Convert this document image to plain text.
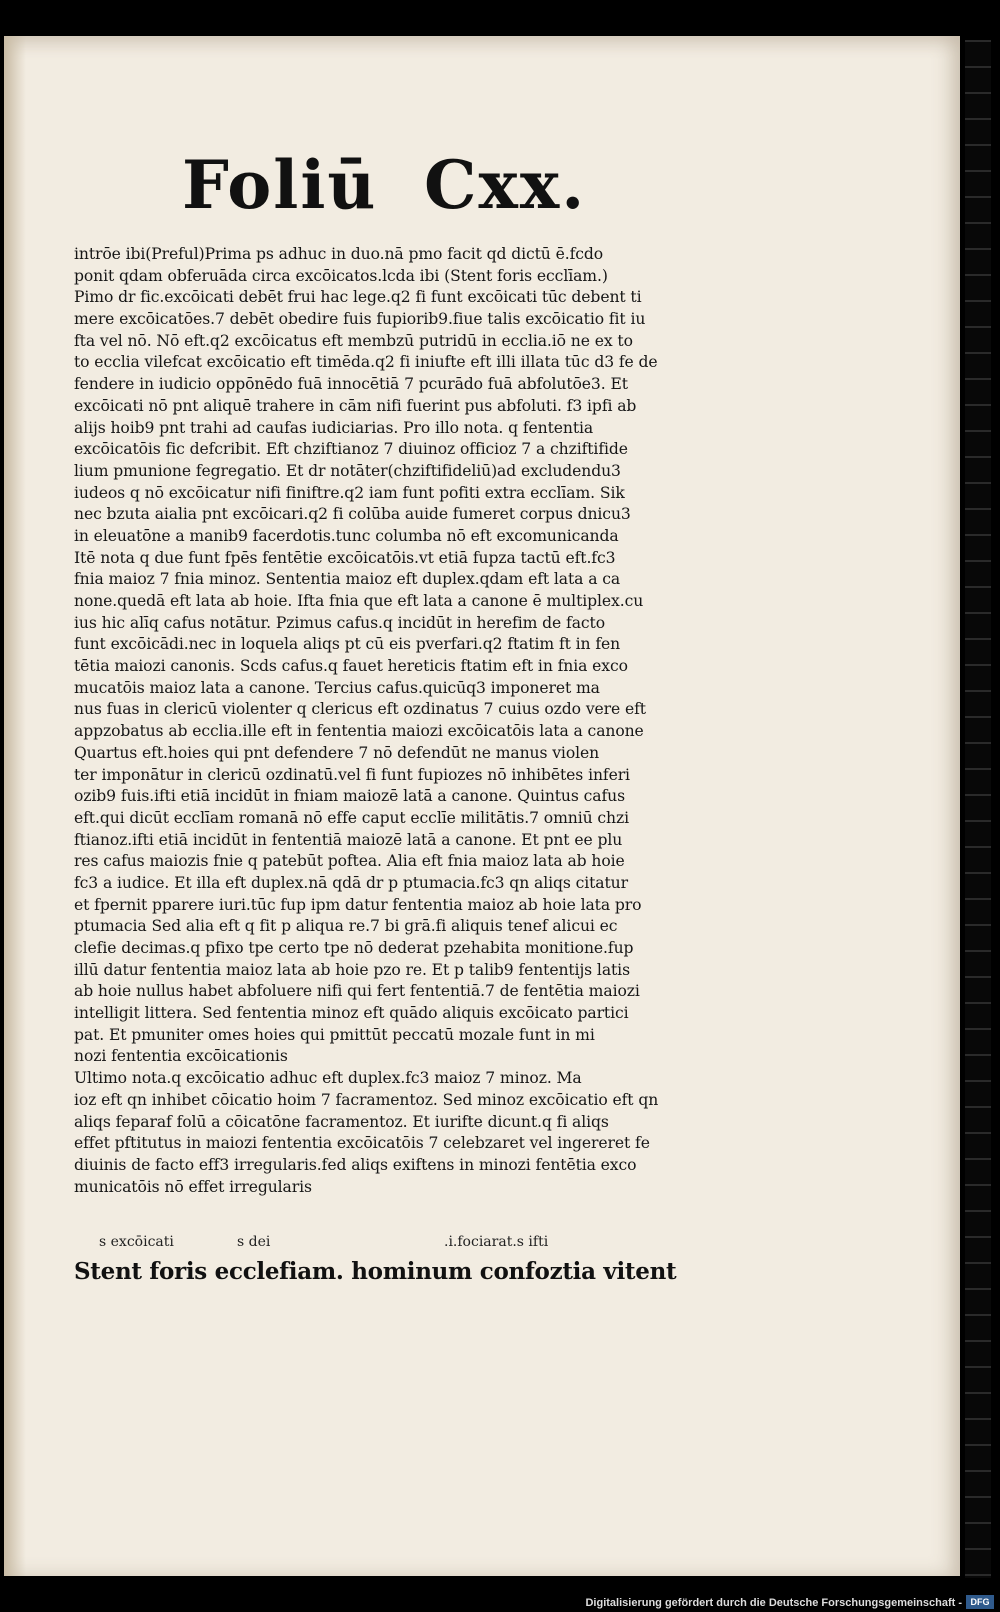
Foliū Cxx.
intrōe ibi(Preful)Prima ps adhuc in duo.nā pmo facit qd dictū ē.fcdo
ponit qdam obferuāda circa excōicatos.lcda ibi (Stent foris ecclīam.)
Pimo dr fic.excōicati debēt frui hac lege.q2 fi funt excōicati tūc debent ti
mere excōicatōes.7 debēt obedire fuis fupiorib9.fiue talis excōicatio fit iu
fta vel nō. Nō eft.q2 excōicatus eft membzū putridū in ecclia.iō ne ex to
to ecclia vilefcat excōicatio eft timēda.q2 fi iniufte eft illi illata tūc d3 fe de
fendere in iudicio oppōnēdo fuā innocētiā 7 pcurādo fuā abfolutōe3. Et
excōicati nō pnt aliquē trahere in cām nifi fuerint pus abfoluti. f3 ipfi ab
alijs hoib9 pnt trahi ad caufas iudiciarias. Pro illo nota. q fententia
excōicatōis fic defcribit. Eft chziftianoz 7 diuinoz officioz 7 a chziftifide
lium pmunione fegregatio. Et dr notāter(chziftifideliū)ad excludendu3
iudeos q nō excōicatur nifi finiftre.q2 iam funt pofiti extra ecclīam. Sik
nec bzuta aialia pnt excōicari.q2 fi colūba auide fumeret corpus dnicu3
in eleuatōne a manib9 facerdotis.tunc columba nō eft excomunicanda
Itē nota q due funt fpēs fentētie excōicatōis.vt etiā fupza tactū eft.fc3
fnia maioz 7 fnia minoz. Sententia maioz eft duplex.qdam eft lata a ca
none.quedā eft lata ab hoie. Ifta fnia que eft lata a canone ē multiplex.cu
ius hic alīq cafus notātur. Pzimus cafus.q incidūt in herefim de facto
funt excōicādi.nec in loquela aliqs pt cū eis pverfari.q2 ftatim ft in fen
tētia maiozi canonis. Scds cafus.q fauet hereticis ftatim eft in fnia exco
mucatōis maioz lata a canone. Tercius cafus.quicūq3 imponeret ma
nus fuas in clericū violenter q clericus eft ozdinatus 7 cuius ozdo vere eft
appzobatus ab ecclia.ille eft in fententia maiozi excōicatōis lata a canone
Quartus eft.hoies qui pnt defendere 7 nō defendūt ne manus violen
ter imponātur in clericū ozdinatū.vel fi funt fupiozes nō inhibētes inferi
ozib9 fuis.ifti etiā incidūt in fniam maiozē latā a canone. Quintus cafus
eft.qui dicūt ecclīam romanā nō effe caput ecclīe militātis.7 omniū chzi
ftianoz.ifti etiā incidūt in fententiā maiozē latā a canone. Et pnt ee plu
res cafus maiozis fnie q patebūt poftea. Alia eft fnia maioz lata ab hoie
fc3 a iudice. Et illa eft duplex.nā qdā dr p ptumacia.fc3 qn aliqs citatur
et fpernit pparere iuri.tūc fup ipm datur fententia maioz ab hoie lata pro
ptumacia Sed alia eft q fit p aliqua re.7 bi grā.fi aliquis tenef alicui ec
clefie decimas.q pfixo tpe certo tpe nō dederat pzehabita monitione.fup
illū datur fententia maioz lata ab hoie pzo re. Et p talib9 fententijs latis
ab hoie nullus habet abfoluere nifi qui fert fententiā.7 de fentētia maiozi
intelligit littera. Sed fententia minoz eft quādo aliquis excōicato partici
pat. Et pmuniter omes hoies qui pmittūt peccatū mozale funt in mi
nozi fententia excōicationis
Ultimo nota.q excōicatio adhuc eft duplex.fc3 maioz 7 minoz. Ma
ioz eft qn inhibet cōicatio hoim 7 facramentoz. Sed minoz excōicatio eft qn
aliqs feparaf folū a cōicatōne facramentoz. Et iurifte dicunt.q fi aliqs
effet pftitutus in maiozi fententia excōicatōis 7 celebzaret vel ingereret fe
diuinis de facto eff3 irregularis.fed aliqs exiftens in minozi fentētia exco
municatōis nō effet irregularis
s excōicati	s dei	.i.fociarat.s ifti
Stent foris ecclefiam. hominum confoztia vitent
Digitalisierung gefördert durch die Deutsche Forschungsgemeinschaft - DFG
